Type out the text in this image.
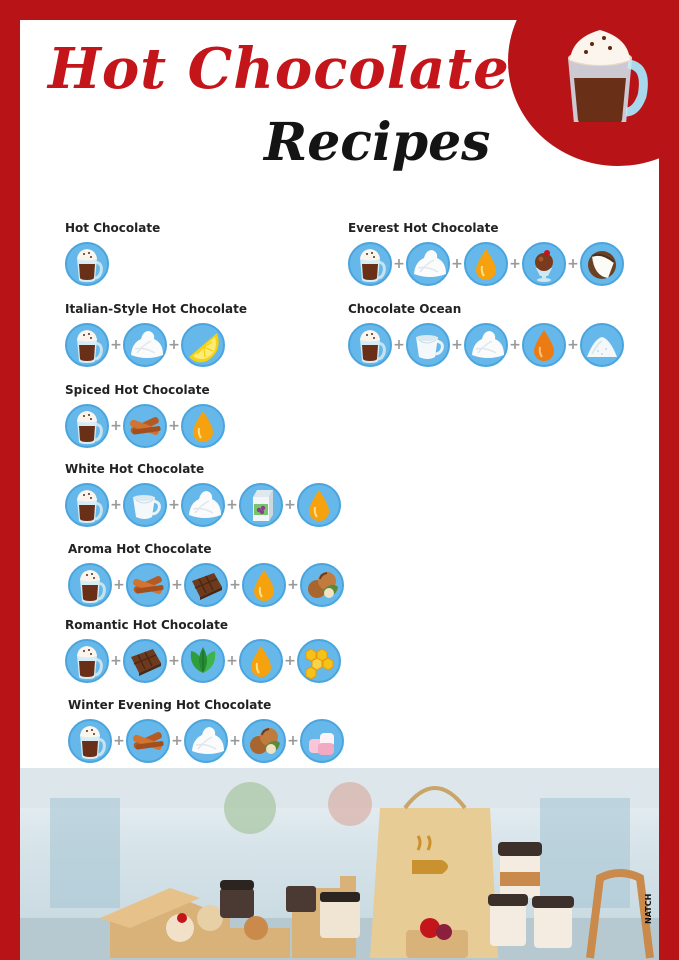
Hot Chocolate
Recipes
Hot Chocolate
Italian-Style Hot Chocolate
+	+
Spiced Hot Chocolate
+	+
White Hot Chocolate
+	+	+	+
Aroma Hot Chocolate
+	+	+	+
Romantic Hot Chocolate
+	+	+	+
Winter Evening Hot Chocolate
+	+	+	+
Everest Hot Chocolate
+	+	+	+
Chocolate Ocean
+	+	+	+
NATCH
